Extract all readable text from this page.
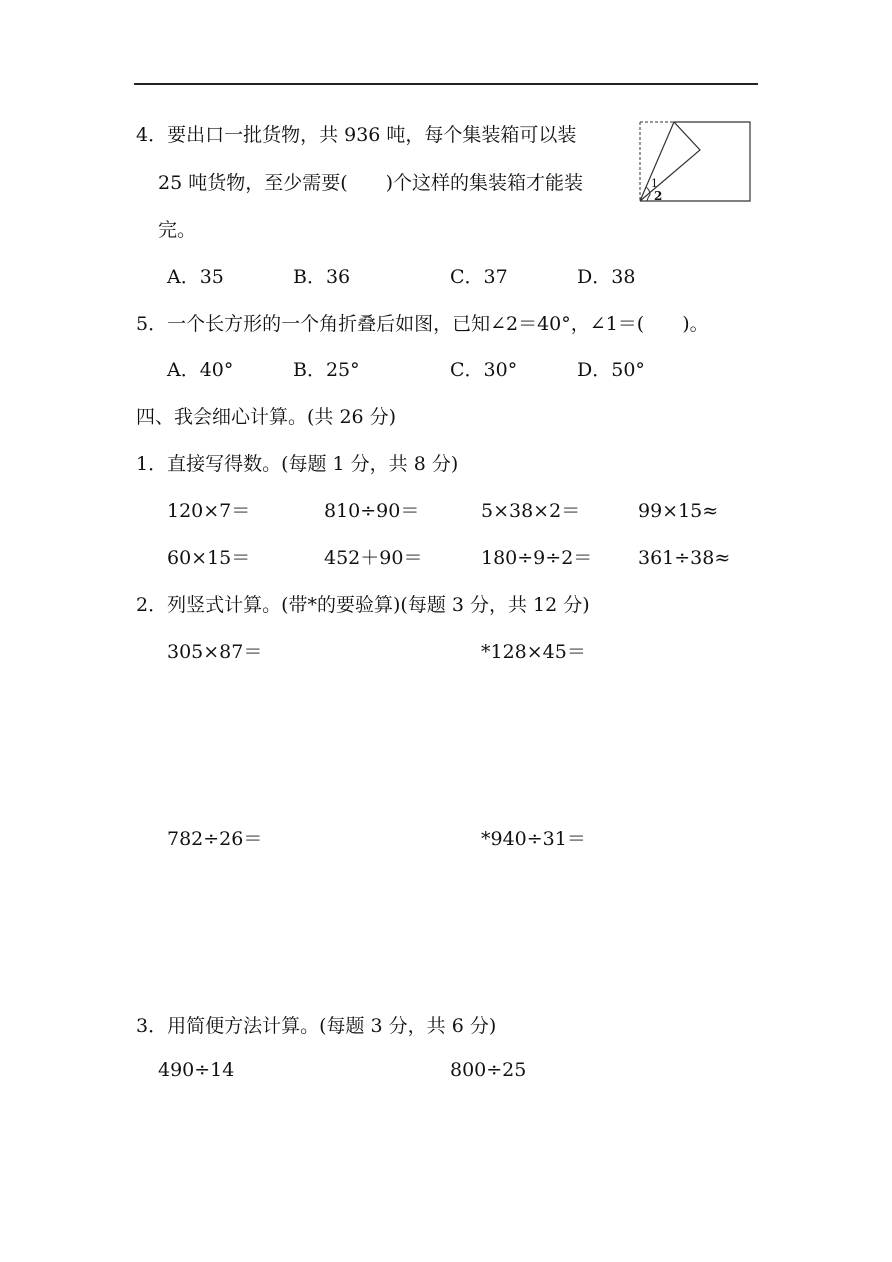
4．要出口一批货物，共 936 吨，每个集装箱可以装
25 吨货物，至少需要(　　)个这样的集装箱才能装
完。
A．35	B．36	C．37	D．38
1
2
5．一个长方形的一个角折叠后如图，已知∠2＝40°，∠1＝(　　)。
A．40°	B．25°	C．30°	D．50°
四、我会细心计算。(共 26 分)
1．直接写得数。(每题 1 分，共 8 分)
120×7＝	810÷90＝	5×38×2＝	99×15≈
60×15＝	452＋90＝	180÷9÷2＝ 361÷38≈
2．列竖式计算。(带*的要验算)(每题 3 分，共 12 分)
305×87＝	*128×45＝
782÷26＝	*940÷31＝
3．用简便方法计算。(每题 3 分，共 6 分)
490÷14	800÷25
